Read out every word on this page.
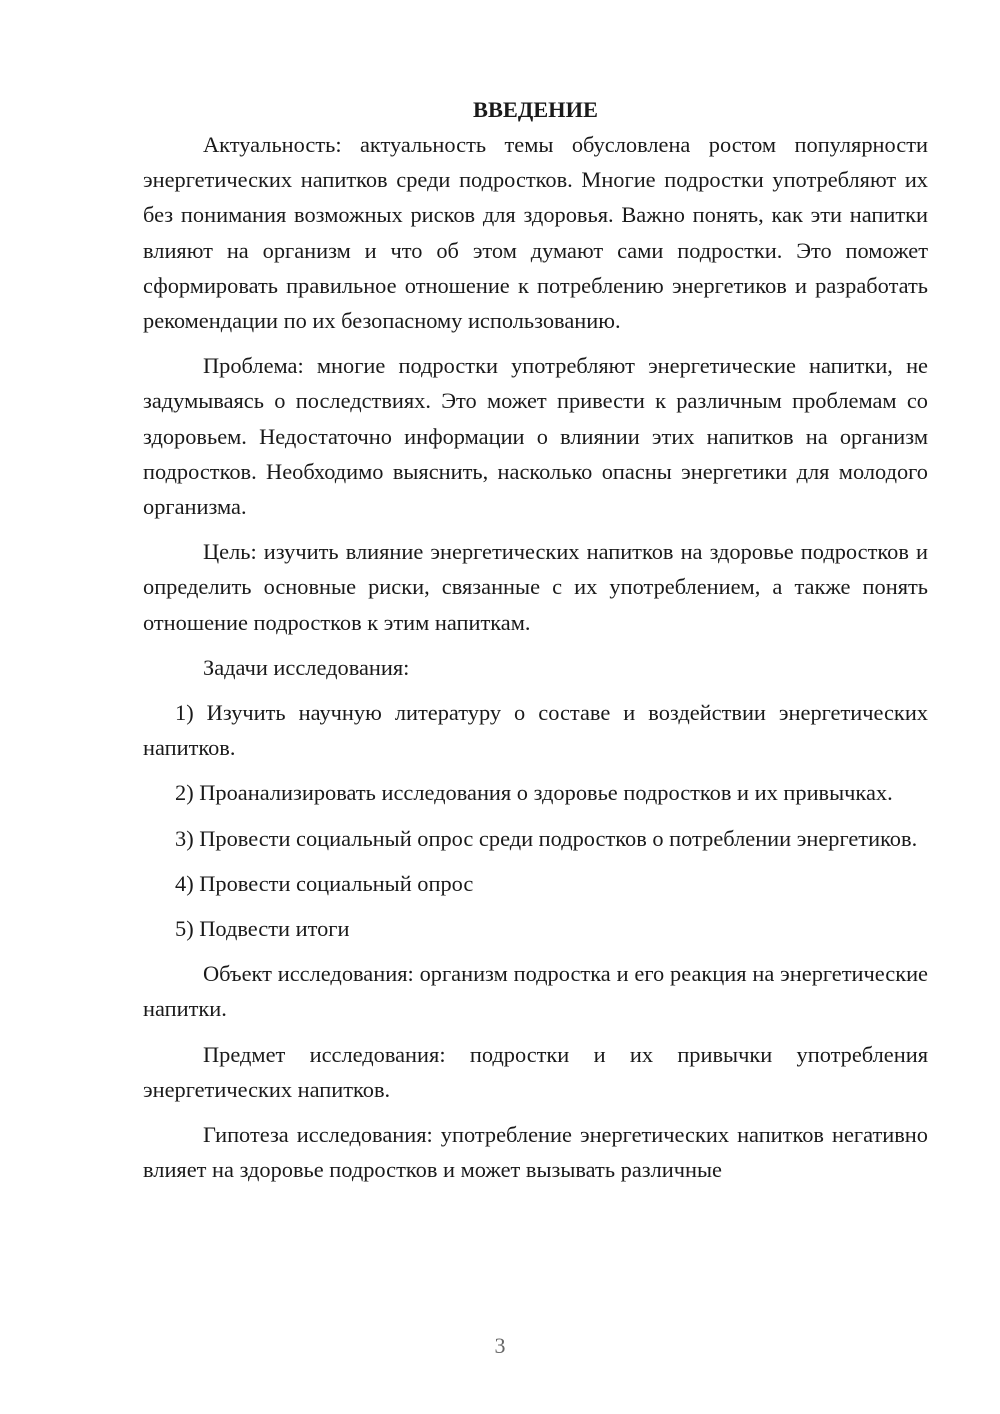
ВВЕДЕНИЕ

Актуальность: актуальность темы обусловлена ростом популярности энергетических напитков среди подростков. Многие подростки употребляют их без понимания возможных рисков для здоровья. Важно понять, как эти напитки влияют на организм и что об этом думают сами подростки. Это поможет сформировать правильное отношение к потреблению энергетиков и разработать рекомендации по их безопасному использованию.

Проблема: многие подростки употребляют энергетические напитки, не задумываясь о последствиях. Это может привести к различным проблемам со здоровьем. Недостаточно информации о влиянии этих напитков на организм подростков. Необходимо выяснить, насколько опасны энергетики для молодого организма.

Цель: изучить влияние энергетических напитков на здоровье подростков и определить основные риски, связанные с их употреблением, а также понять отношение подростков к этим напиткам.

Задачи исследования:

1) Изучить научную литературу о составе и воздействии энергетических напитков.

2) Проанализировать исследования о здоровье подростков и их привычках.

3) Провести социальный опрос среди подростков о потреблении энергетиков.

4) Провести социальный опрос

5) Подвести итоги

Объект исследования: организм подростка и его реакция на энергетические напитки.

Предмет исследования: подростки и их привычки употребления энергетических напитков.

Гипотеза исследования: употребление энергетических напитков негативно влияет на здоровье подростков и может вызывать различные

3
